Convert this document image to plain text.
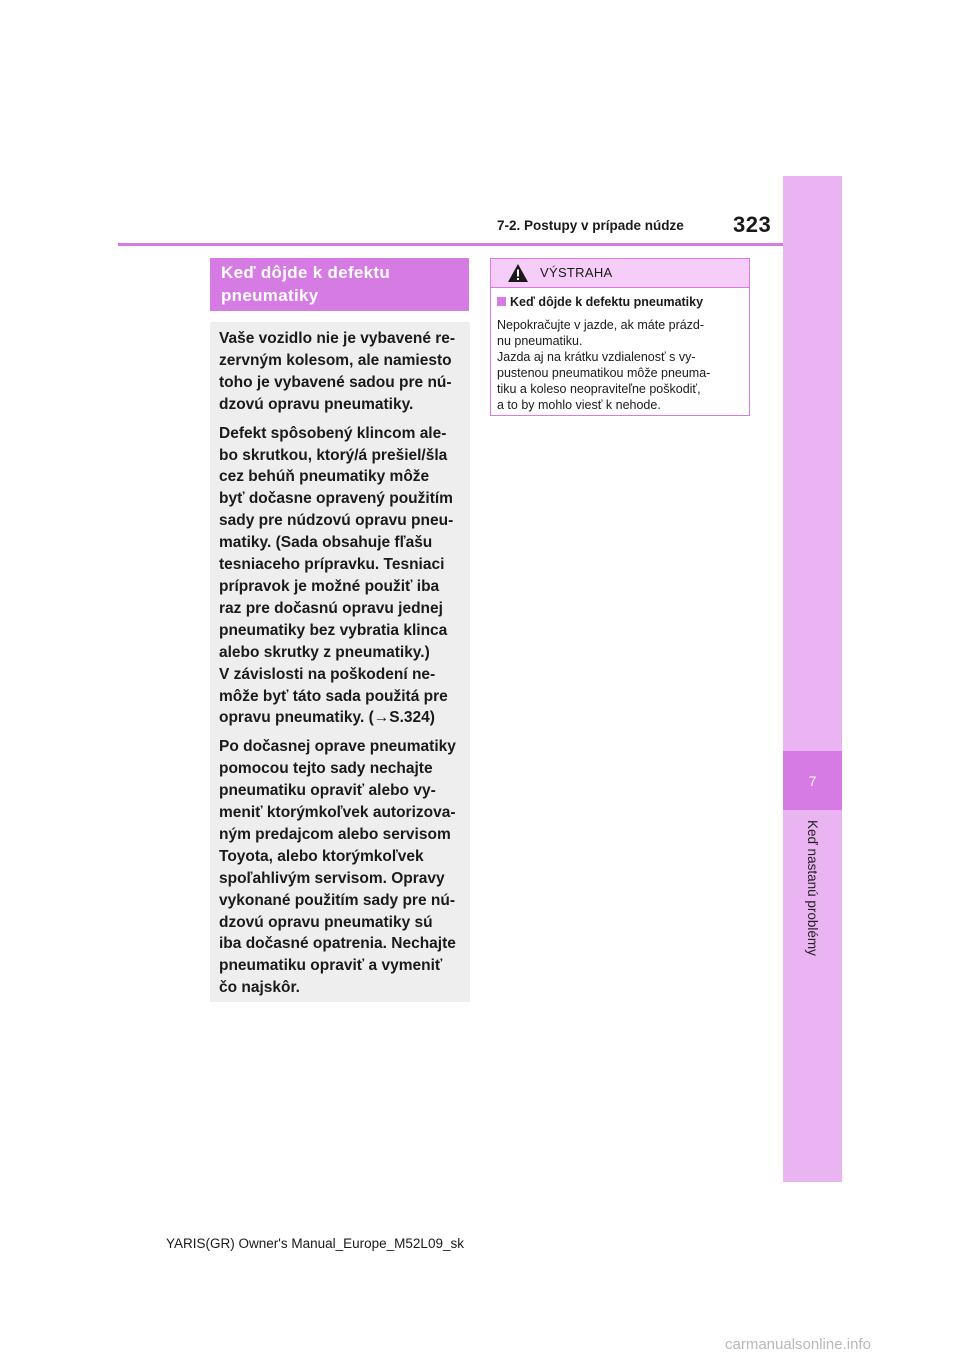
7
Keď nastanú problémy
7-2. Postupy v prípade núdze 323
Keď dôjde k defektu
pneumatiky

Vaše vozidlo nie je vybavené re-
zervným kolesom, ale namiesto
toho je vybavené sadou pre nú-
dzovú opravu pneumatiky.

Defekt spôsobený klincom ale-
bo skrutkou, ktorý/á prešiel/šla
cez behúň pneumatiky môže
byť dočasne opravený použitím
sady pre núdzovú opravu pneu-
matiky. (Sada obsahuje fľašu
tesniaceho prípravku. Tesniaci
prípravok je možné použiť iba
raz pre dočasnú opravu jednej
pneumatiky bez vybratia klinca
alebo skrutky z pneumatiky.)
V závislosti na poškodení ne-
môže byť táto sada použitá pre
opravu pneumatiky. (→S.324)

Po dočasnej oprave pneumatiky
pomocou tejto sady nechajte
pneumatiku opraviť alebo vy-
meniť ktorýmkoľvek autorizova-
ným predajcom alebo servisom
Toyota, alebo ktorýmkoľvek
spoľahlivým servisom. Opravy
vykonané použitím sady pre nú-
dzovú opravu pneumatiky sú
iba dočasné opatrenia. Nechajte
pneumatiku opraviť a vymeniť
čo najskôr.

VÝSTRAHA
Keď dôjde k defektu pneumatiky
Nepokračujte v jazde, ak máte prázd-
nu pneumatiku.
Jazda aj na krátku vzdialenosť s vy-
pustenou pneumatikou môže pneuma-
tiku a koleso neopraviteľne poškodiť,
a to by mohlo viesť k nehode.
YARIS(GR) Owner's Manual_Europe_M52L09_sk
carmanualsonline.info
